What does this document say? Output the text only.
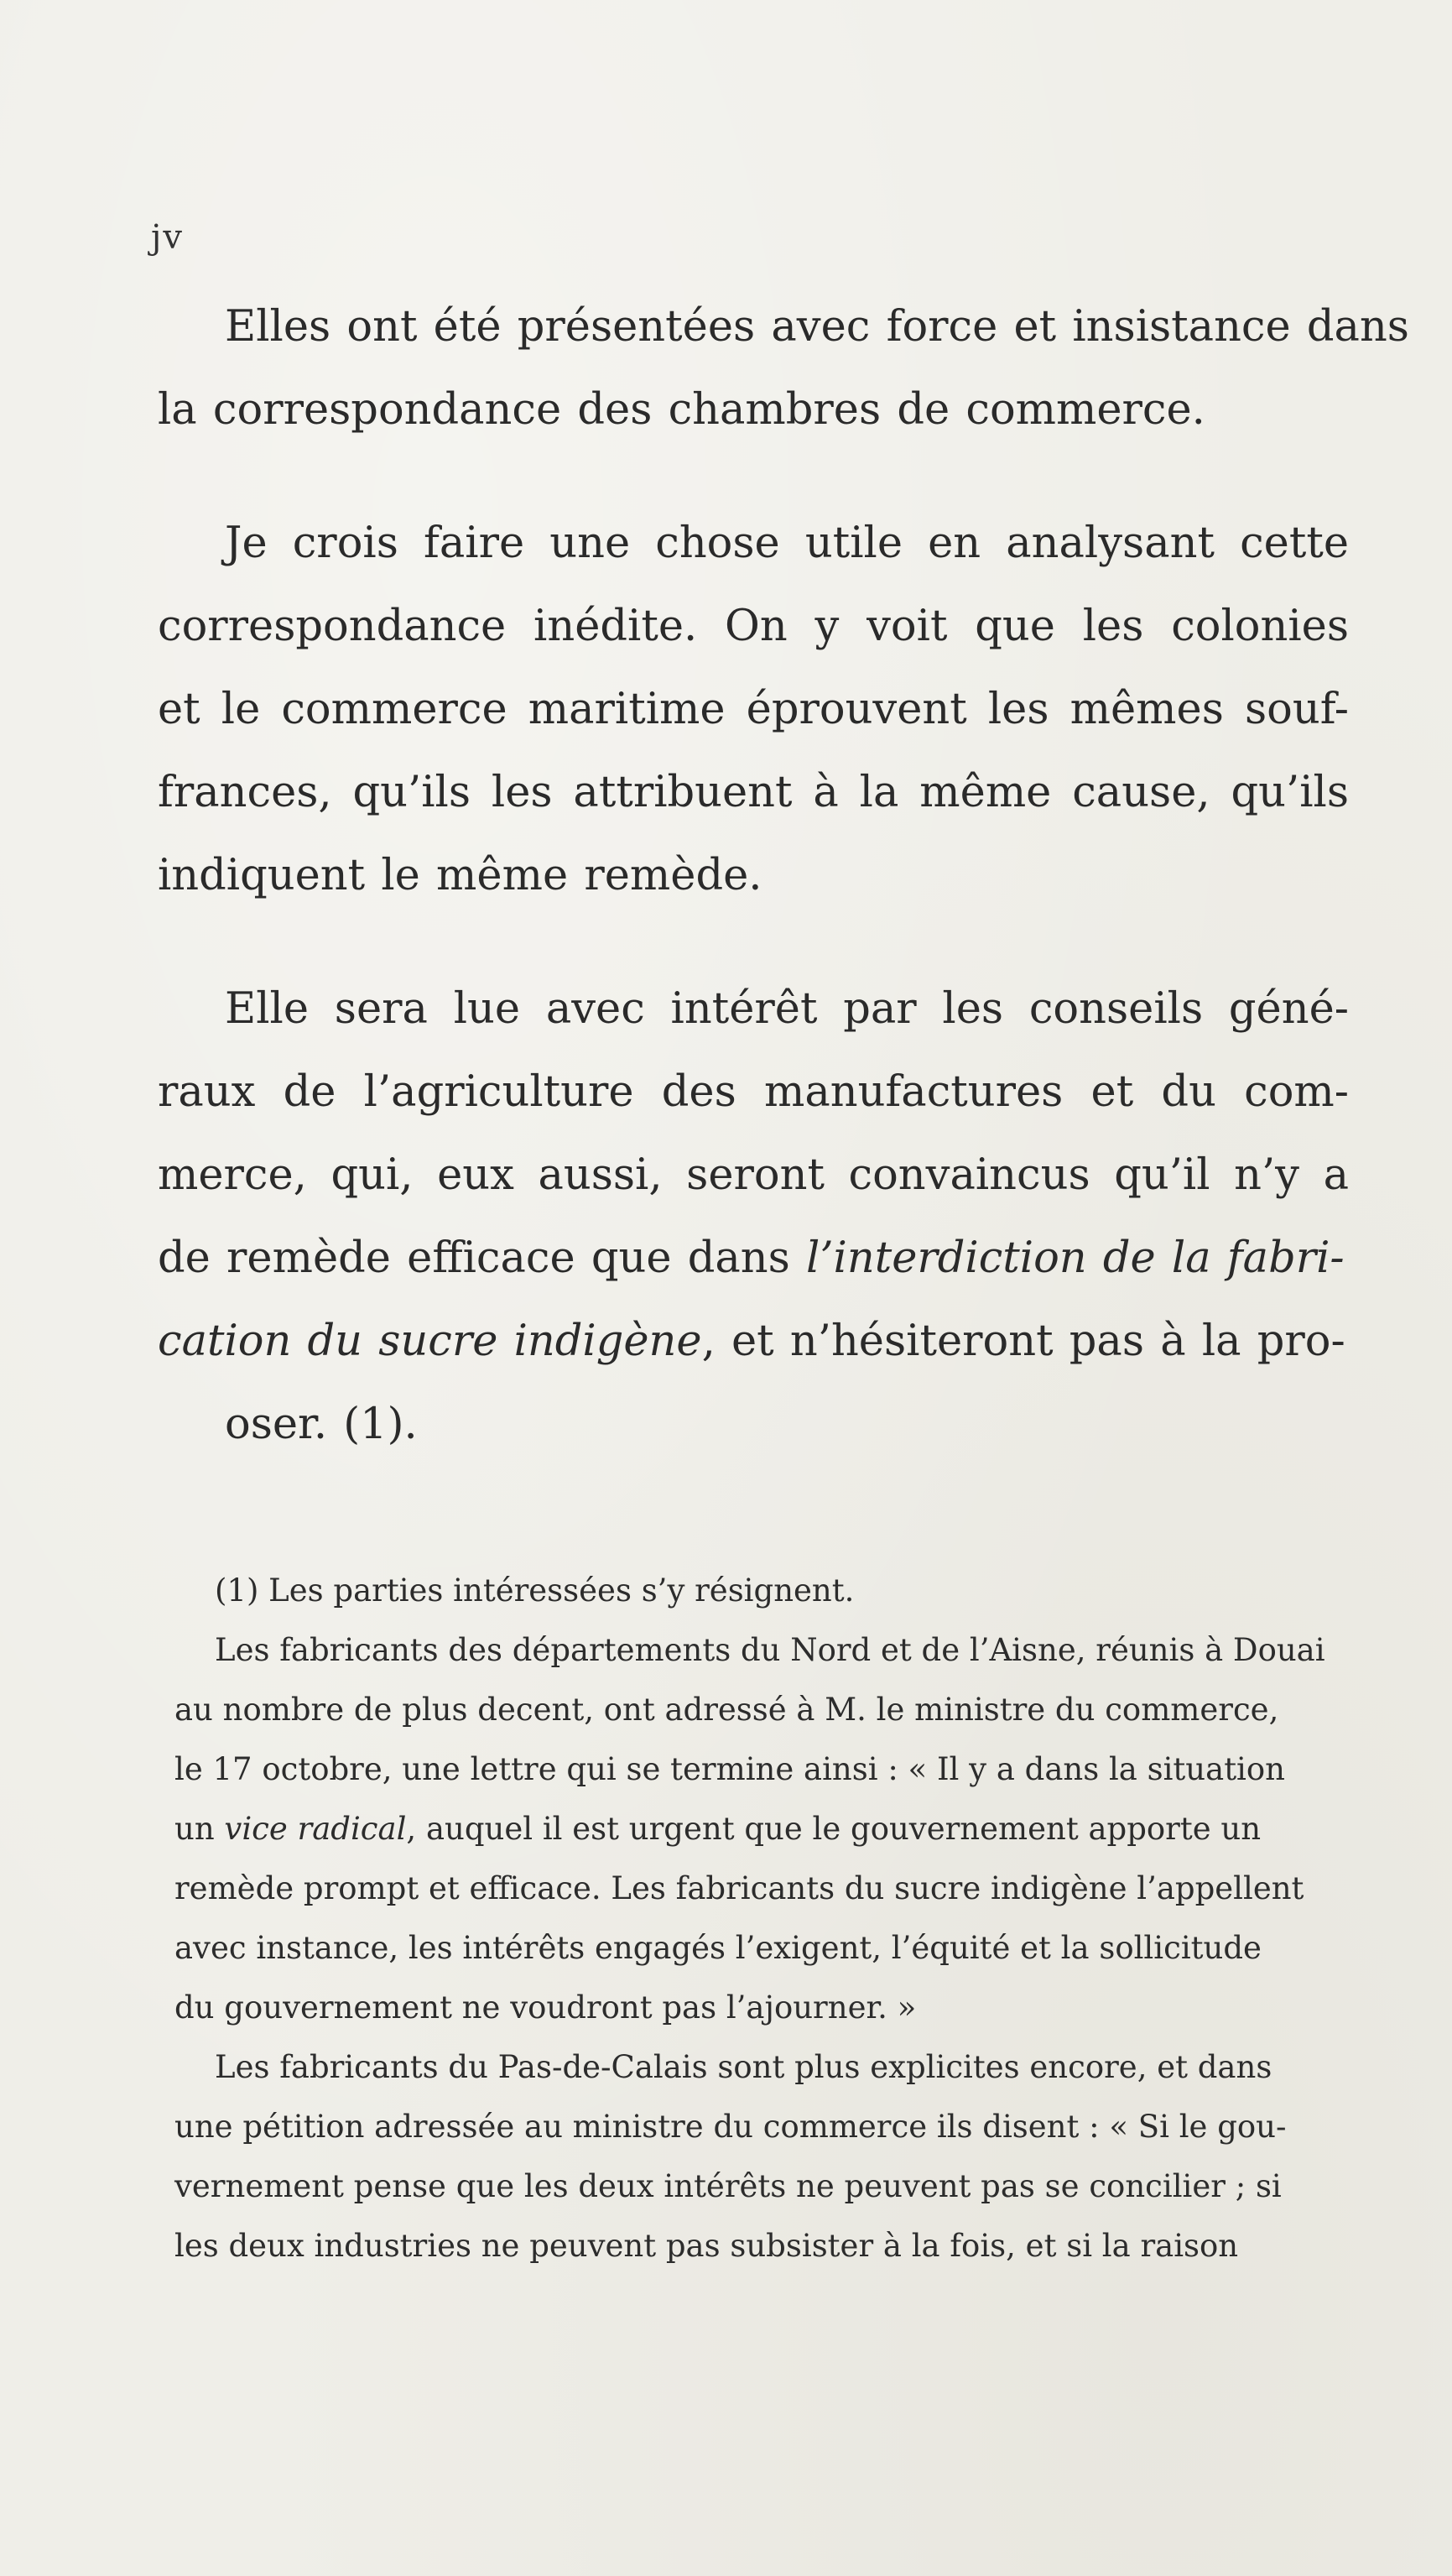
jv
Elles ont été présentées avec force et insistance dans
la correspondance des chambres de commerce.
Je crois faire une chose utile en analysant cette
correspondance inédite. On y voit que les colonies
et le commerce maritime éprouvent les mêmes souf-
frances, qu’ils les attribuent à la même cause, qu’ils
indiquent le même remède.
Elle sera lue avec intérêt par les conseils géné-
raux de l’agriculture des manufactures et du com-
merce, qui, eux aussi, seront convaincus qu’il n’y a
de remède efficace que dans l’interdiction de la fabri-
cation du sucre indigène, et n’hésiteront pas à la pro-
oser. (1).
(1) Les parties intéressées s’y résignent.
Les fabricants des départements du Nord et de l’Aisne, réunis à Douai
au nombre de plus decent, ont adressé à M. le ministre du commerce,
le 17 octobre, une lettre qui se termine ainsi : « Il y a dans la situation
un vice radical, auquel il est urgent que le gouvernement apporte un
remède prompt et efficace. Les fabricants du sucre indigène l’appellent
avec instance, les intérêts engagés l’exigent, l’équité et la sollicitude
du gouvernement ne voudront pas l’ajourner. »
Les fabricants du Pas-de-Calais sont plus explicites encore, et dans
une pétition adressée au ministre du commerce ils disent : « Si le gou-
vernement pense que les deux intérêts ne peuvent pas se concilier ; si
les deux industries ne peuvent pas subsister à la fois, et si la raison
